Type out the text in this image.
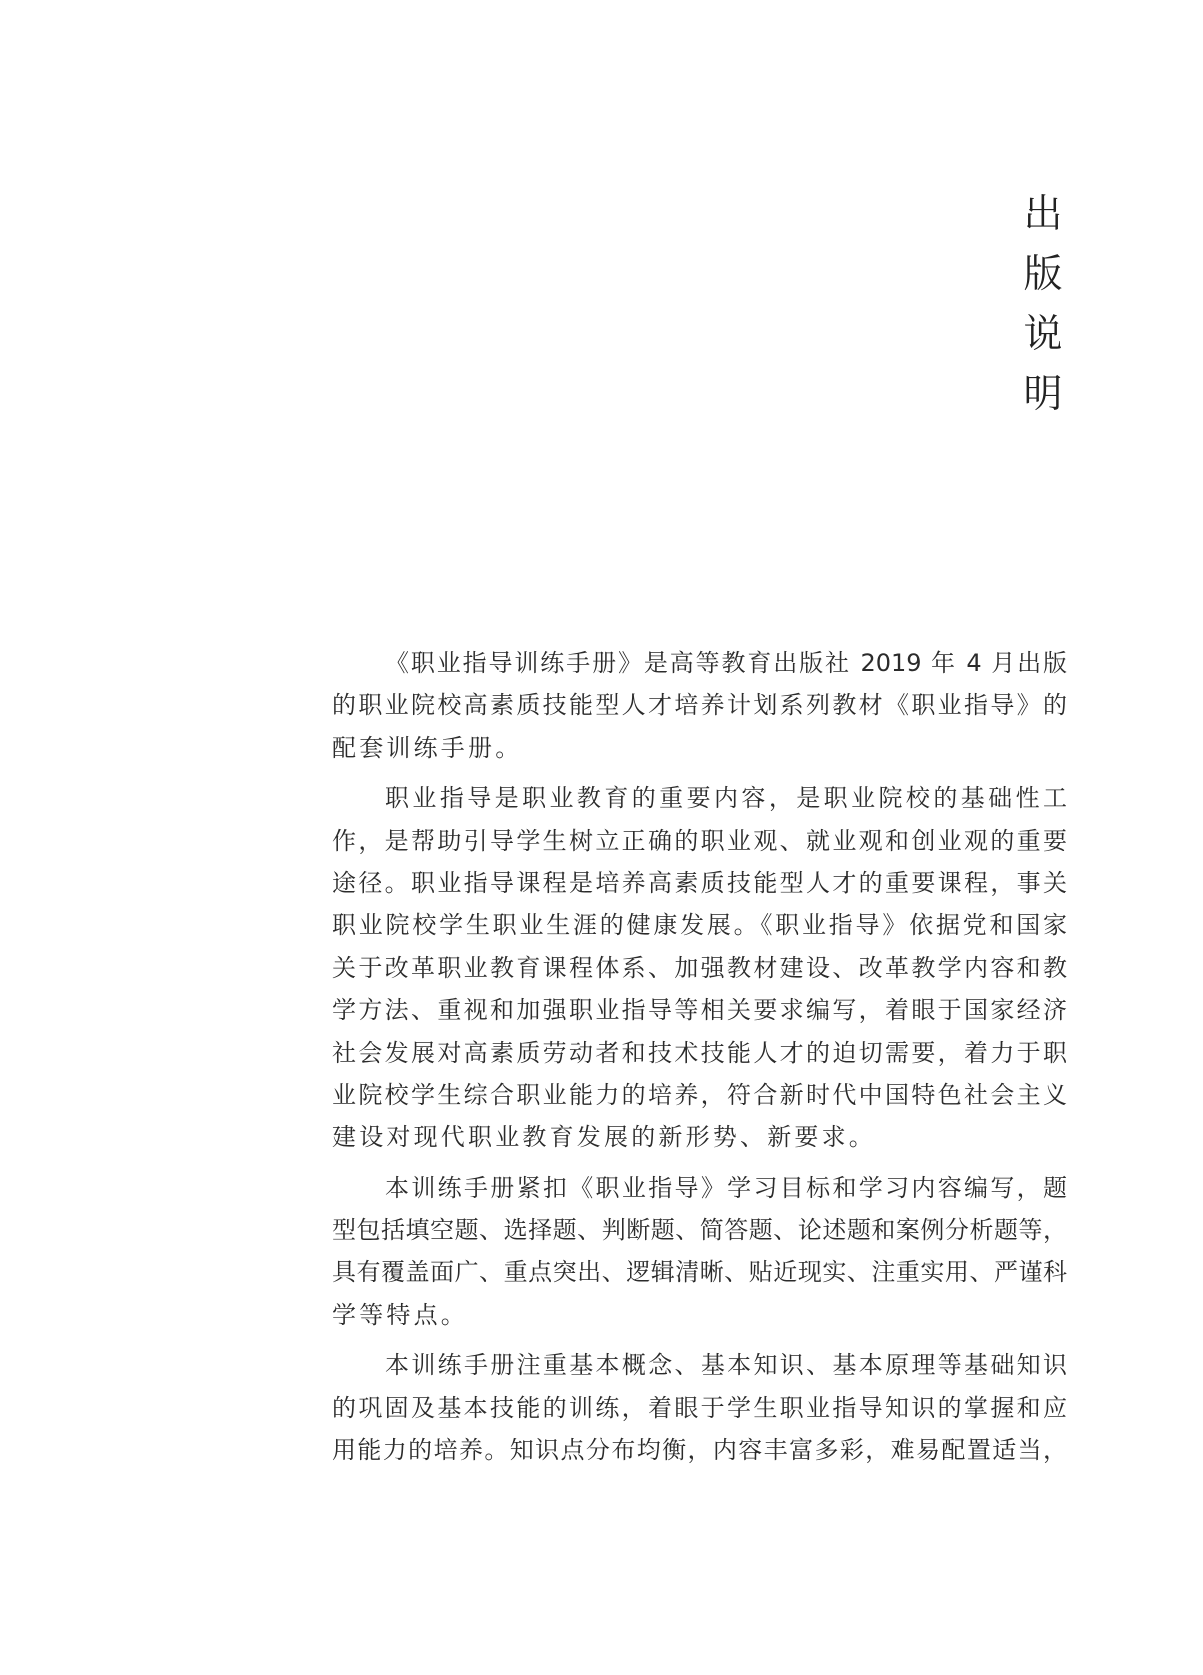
出
版
说
明
《职业指导训练手册》是高等教育出版社 2019 年 4 月出版
的职业院校高素质技能型人才培养计划系列教材《职业指导》的
配套训练手册。
职业指导是职业教育的重要内容，是职业院校的基础性工
作，是帮助引导学生树立正确的职业观、就业观和创业观的重要
途径。职业指导课程是培养高素质技能型人才的重要课程，事关
职业院校学生职业生涯的健康发展。《职业指导》依据党和国家
关于改革职业教育课程体系、加强教材建设、改革教学内容和教
学方法、重视和加强职业指导等相关要求编写，着眼于国家经济
社会发展对高素质劳动者和技术技能人才的迫切需要，着力于职
业院校学生综合职业能力的培养，符合新时代中国特色社会主义
建设对现代职业教育发展的新形势、新要求。
本训练手册紧扣《职业指导》学习目标和学习内容编写，题
型包括填空题、选择题、判断题、简答题、论述题和案例分析题等，
具有覆盖面广、重点突出、逻辑清晰、贴近现实、注重实用、严谨科
学等特点。
本训练手册注重基本概念、基本知识、基本原理等基础知识
的巩固及基本技能的训练，着眼于学生职业指导知识的掌握和应
用能力的培养。知识点分布均衡，内容丰富多彩，难易配置适当，
